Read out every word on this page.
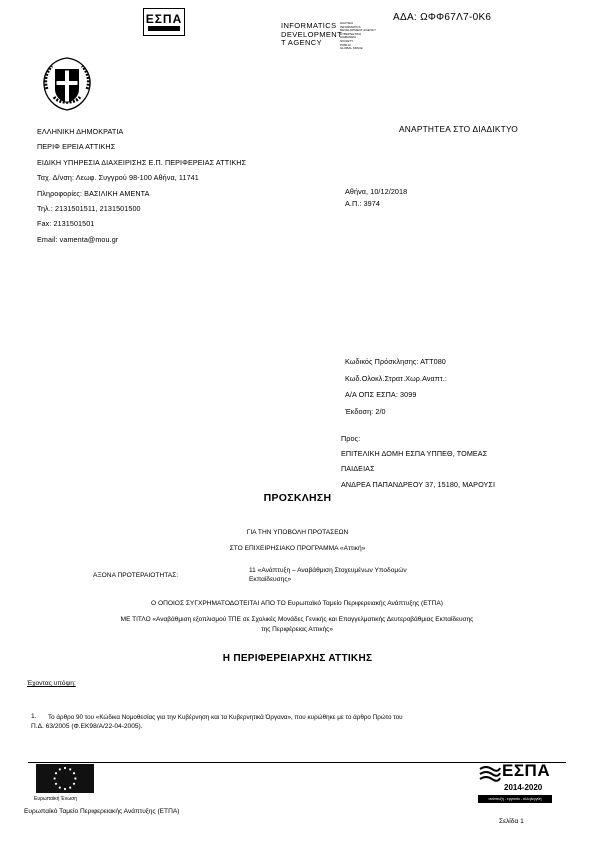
ΑΔΑ: ΩΦΦ67Λ7-0Κ6
ΕΣΠΑ	INFORMATICS
DEVELOPMENT
T AGENCY
ΔΙΑΥΓΕΙΑ
INFORMATICS
DEVELOPMENT AGENCY
ΚΥΒΕΡΝΗΤΙΚΗ
ΔΙΑΦΑΝΕΙΑ
SOCIETY
PUBLIC
GLOBAL SPACE
ΕΛΛΗΝΙΚΗ ΔΗΜΟΚΡΑΤΙΑ
ΠΕΡΙΦ ΕΡΕΙΑ ΑΤΤΙΚΗΣ
ΕΙΔΙΚΗ ΥΠΗΡΕΣΙΑ ΔΙΑΧΕΙΡΙΣΗΣ Ε.Π. ΠΕΡΙΦΕΡΕΙΑΣ ΑΤΤΙΚΗΣ
Ταχ. Δ/νση: Λεωφ. Συγγρού 98-100 Αθήνα, 11741
Πληροφορίες: ΒΑΣΙΛΙΚΗ ΑΜΕΝΤΑ
Τηλ.: 2131501511, 2131501500
Fax: 2131501501
Email: vamenta@mou.gr
ΑΝΑΡΤΗΤΕΑ ΣΤΟ ΔΙΑΔΙΚΤΥΟ
Αθήνα, 10/12/2018
Α.Π.: 3974
Κωδικός Πρόσκλησης: ΑΤΤ080
Κωδ.Ολοκλ.Στρατ.Χωρ.Αναπτ.:
Α/Α ΟΠΣ ΕΣΠΑ: 3099
Έκδοση: 2/0
Προς:
ΕΠΙΤΕΛΙΚΗ ΔΟΜΗ ΕΣΠΑ ΥΠΠΕΘ, ΤΟΜΕΑΣ
ΠΑΙΔΕΙΑΣ
ΑΝΔΡΕΑ ΠΑΠΑΝΔΡΕΟΥ 37, 15180, ΜΑΡΟΥΣΙ
ΠΡΟΣΚΛΗΣΗ
ΓΙΑ ΤΗΝ ΥΠΟΒΟΛΗ ΠΡΟΤΑΣΕΩΝ
ΣΤΟ ΕΠΙΧΕΙΡΗΣΙΑΚΟ ΠΡΟΓΡΑΜΜΑ «Αττική»
ΑΞΟΝΑ ΠΡΟΤΕΡΑΙΟΤΗΤΑΣ:
11 «Ανάπτυξη – Αναβάθμιση Στοχευμένων Υποδομών
Εκπαίδευσης»
Ο ΟΠΟΙΟΣ ΣΥΓΧΡΗΜΑΤΟΔΟΤΕΙΤΑΙ ΑΠΟ ΤΟ Ευρωπαϊκό Ταμείο Περιφερειακής Ανάπτυξης (ΕΤΠΑ)
ΜΕ ΤΙΤΛΟ «Αναβάθμιση εξοπλισμού ΤΠΕ σε Σχολικές Μονάδες Γενικής και Επαγγελματικής Δευτεροβάθμιας Εκπαίδευσης
της Περιφέρειας Αττικής»
Η ΠΕΡΙΦΕΡΕΙΑΡΧΗΣ ΑΤΤΙΚΗΣ
Έχοντας υπόψη:
1. Το άρθρο 90 του «Κώδικα Νομοθεσίας για την Κυβέρνηση και τα Κυβερνητικά Όργανα», που κυρώθηκε με το άρθρο Πρώτο του
Π.Δ. 63/2005 (Φ.ΕΚ98/Α/22-04-2005).
Ευρωπαϊκή Ένωση
Ευρωπαϊκό Ταμείο Περιφερειακής Ανάπτυξης (ΕΤΠΑ)
ΕΣΠΑ
2014-2020
ανάπτυξη - εργασία - αλληλεγγύη
Σελίδα 1
